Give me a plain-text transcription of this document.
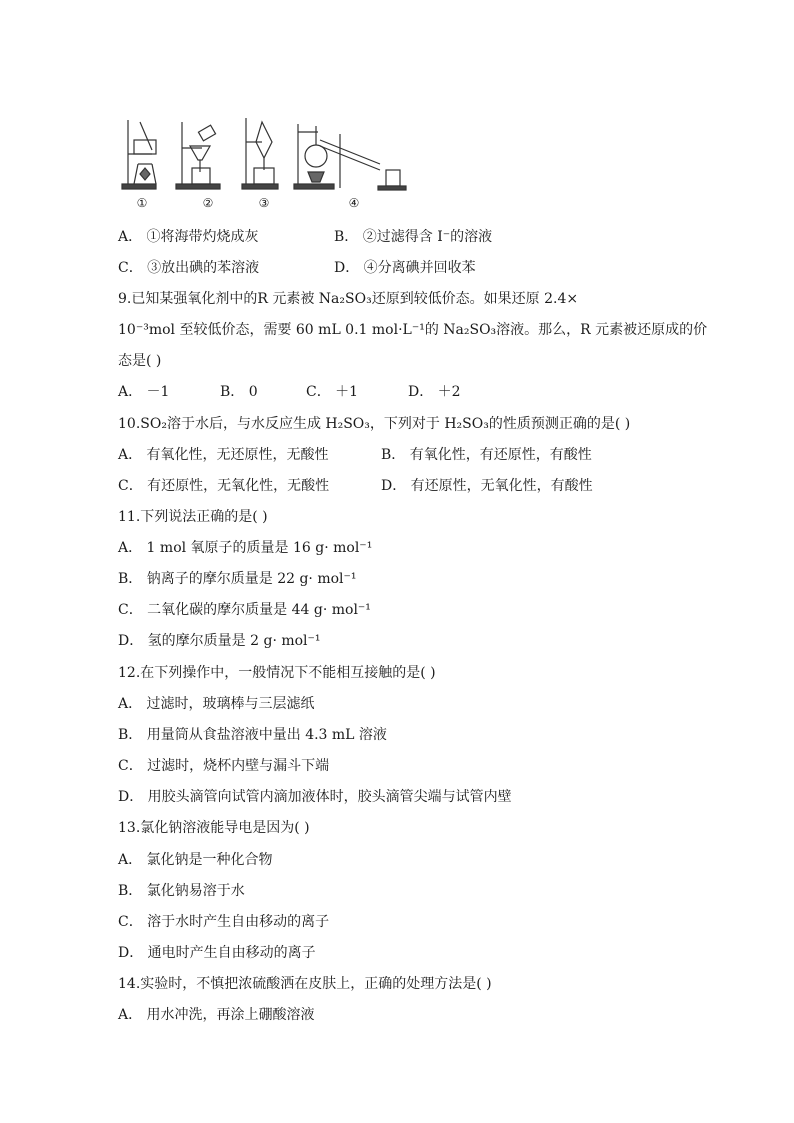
①	②	③	④
A． ①将海带灼烧成灰	B． ②过滤得含 I⁻的溶液
C． ③放出碘的苯溶液	D． ④分离碘并回收苯
9.已知某强氧化剂中的R 元素被 Na₂SO₃还原到较低价态。如果还原 2.4×
10⁻³mol 至较低价态，需要 60 mL 0.1 mol·L⁻¹的 Na₂SO₃溶液。那么，R 元素被还原成的价
态是( )
A． －1	B． 0	C． ＋1	D． ＋2
10.SO₂溶于水后，与水反应生成 H₂SO₃，下列对于 H₂SO₃的性质预测正确的是( )
A． 有氧化性，无还原性，无酸性	B． 有氧化性，有还原性，有酸性
C． 有还原性，无氧化性，无酸性	D． 有还原性，无氧化性，有酸性
11.下列说法正确的是( )
A． 1 mol 氧原子的质量是 16 g· mol⁻¹
B． 钠离子的摩尔质量是 22 g· mol⁻¹
C． 二氧化碳的摩尔质量是 44 g· mol⁻¹
D． 氢的摩尔质量是 2 g· mol⁻¹
12.在下列操作中，一般情况下不能相互接触的是( )
A． 过滤时，玻璃棒与三层滤纸
B． 用量筒从食盐溶液中量出 4.3 mL 溶液
C． 过滤时，烧杯内壁与漏斗下端
D． 用胶头滴管向试管内滴加液体时，胶头滴管尖端与试管内壁
13.氯化钠溶液能导电是因为( )
A． 氯化钠是一种化合物
B． 氯化钠易溶于水
C． 溶于水时产生自由移动的离子
D． 通电时产生自由移动的离子
14.实验时，不慎把浓硫酸洒在皮肤上，正确的处理方法是( )
A． 用水冲洗，再涂上硼酸溶液
